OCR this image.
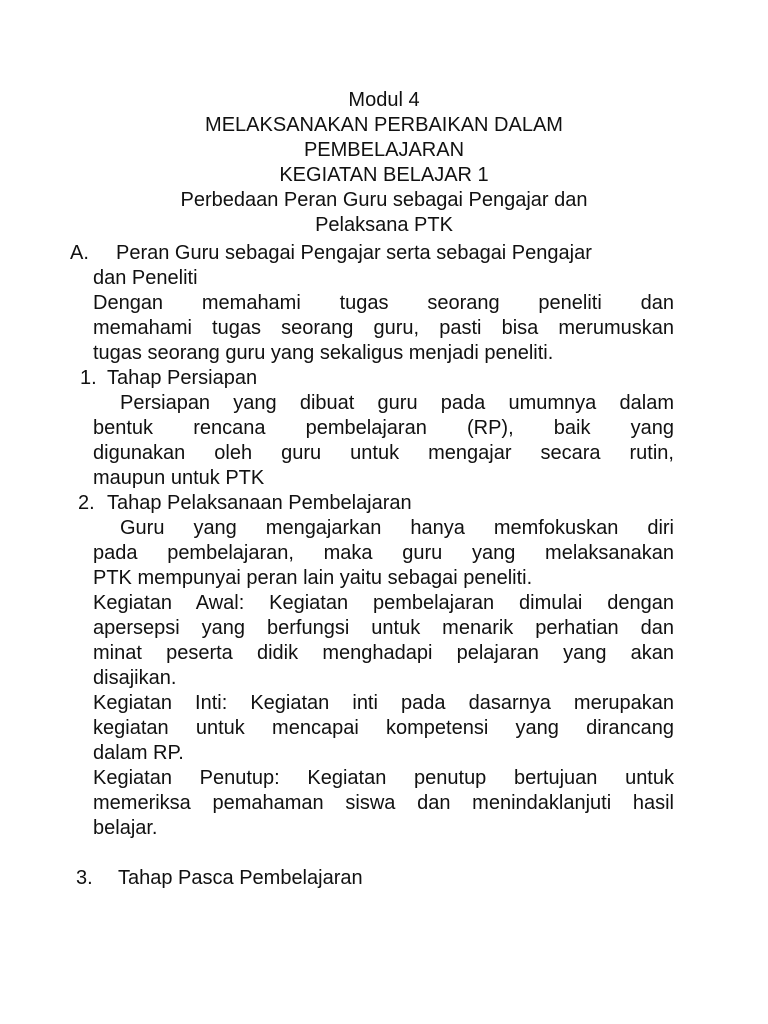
Modul 4
MELAKSANAKAN PERBAIKAN DALAM
PEMBELAJARAN
KEGIATAN BELAJAR 1
Perbedaan Peran Guru sebagai Pengajar dan
Pelaksana PTK
A. Peran Guru sebagai Pengajar serta sebagai Pengajar
dan Peneliti
Dengan memahami tugas seorang peneliti dan
memahami tugas seorang guru, pasti bisa merumuskan
tugas seorang guru yang sekaligus menjadi peneliti.
1. Tahap Persiapan
Persiapan yang dibuat guru pada umumnya dalam
bentuk rencana pembelajaran (RP), baik yang
digunakan oleh guru untuk mengajar secara rutin,
maupun untuk PTK
2. Tahap Pelaksanaan Pembelajaran
Guru yang mengajarkan hanya memfokuskan diri
pada pembelajaran, maka guru yang melaksanakan
PTK mempunyai peran lain yaitu sebagai peneliti.
Kegiatan Awal: Kegiatan pembelajaran dimulai dengan
apersepsi yang berfungsi untuk menarik perhatian dan
minat peserta didik menghadapi pelajaran yang akan
disajikan.
Kegiatan Inti: Kegiatan inti pada dasarnya merupakan
kegiatan untuk mencapai kompetensi yang dirancang
dalam RP.
Kegiatan Penutup: Kegiatan penutup bertujuan untuk
memeriksa pemahaman siswa dan menindaklanjuti hasil
belajar.
3. Tahap Pasca Pembelajaran
